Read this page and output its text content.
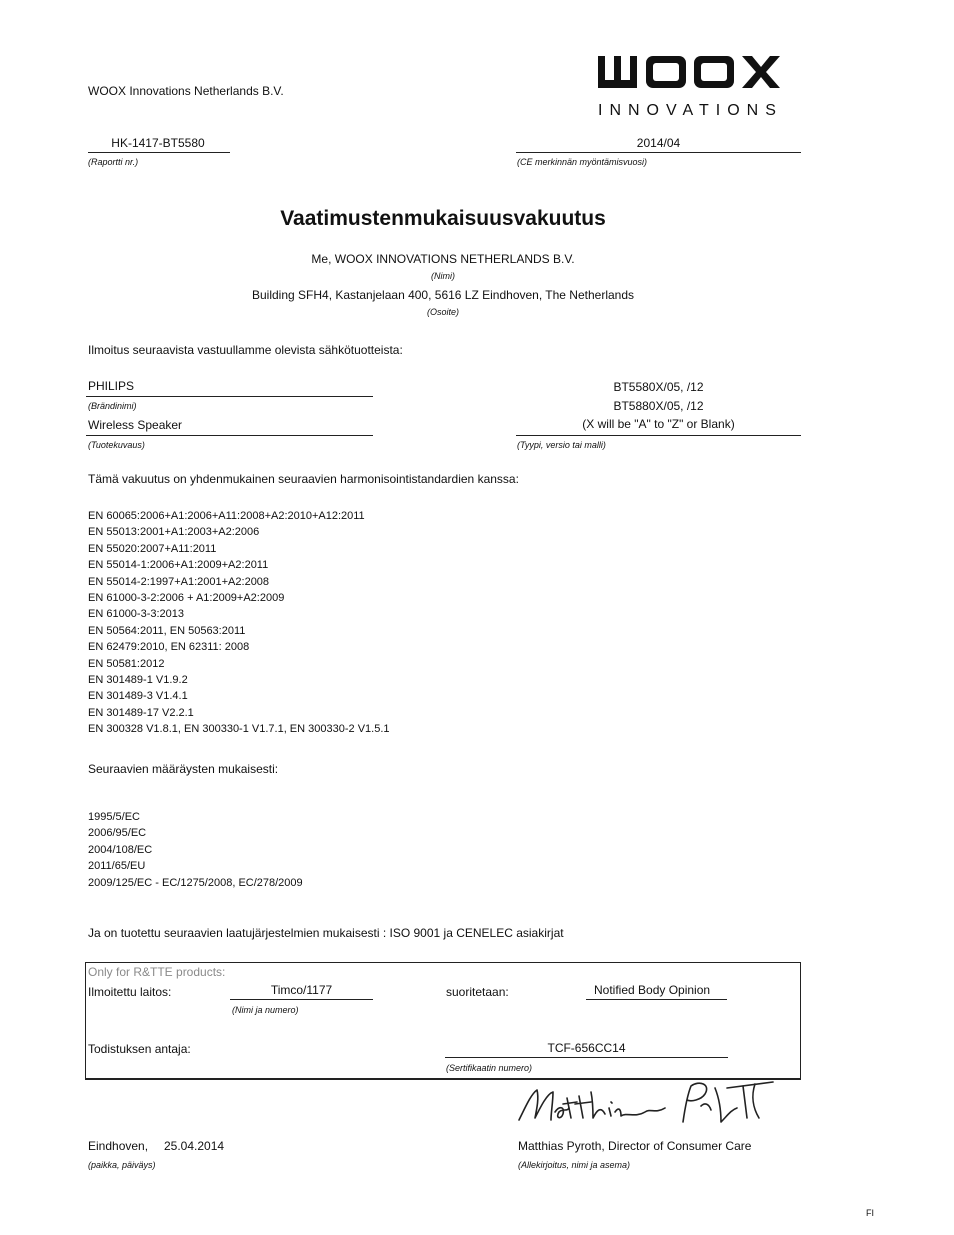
WOOX Innovations Netherlands B.V.
INNOVATIONS
HK-1417-BT5580
(Raportti nr.)
2014/04
(CE merkinnän myöntämisvuosi)
Vaatimustenmukaisuusvakuutus
Me, WOOX INNOVATIONS NETHERLANDS B.V.
(Nimi)
Building SFH4, Kastanjelaan 400, 5616 LZ Eindhoven, The Netherlands
(Osoite)
Ilmoitus seuraavista vastuullamme olevista sähkötuotteista:
PHILIPS
(Brändinimi)
Wireless Speaker
(Tuotekuvaus)
BT5580X/05, /12
BT5880X/05, /12
(X will be "A" to "Z" or Blank)
(Tyypi, versio tai malli)
Tämä vakuutus on yhdenmukainen seuraavien harmonisointistandardien kanssa:
EN 60065:2006+A1:2006+A11:2008+A2:2010+A12:2011
EN 55013:2001+A1:2003+A2:2006
EN 55020:2007+A11:2011
EN 55014-1:2006+A1:2009+A2:2011
EN 55014-2:1997+A1:2001+A2:2008
EN 61000-3-2:2006 + A1:2009+A2:2009
EN 61000-3-3:2013
EN 50564:2011, EN 50563:2011
EN 62479:2010, EN 62311: 2008
EN 50581:2012
EN 301489-1 V1.9.2
EN 301489-3 V1.4.1
EN 301489-17 V2.2.1
EN 300328 V1.8.1, EN 300330-1 V1.7.1, EN 300330-2 V1.5.1
Seuraavien määräysten mukaisesti:
1995/5/EC
2006/95/EC
2004/108/EC
2011/65/EU
2009/125/EC - EC/1275/2008, EC/278/2009
Ja on tuotettu seuraavien laatujärjestelmien mukaisesti : ISO 9001 ja CENELEC asiakirjat
Only for R&TTE products:
Ilmoitettu laitos:	Timco/1177
(Nimi ja numero)
suoritetaan:	Notified Body Opinion
Todistuksen antaja:	TCF-656CC14
(Sertifikaatin numero)
Eindhoven, 25.04.2014
(paikka, päiväys)
Matthias Pyroth, Director of Consumer Care
(Allekirjoitus, nimi ja asema)
FI
